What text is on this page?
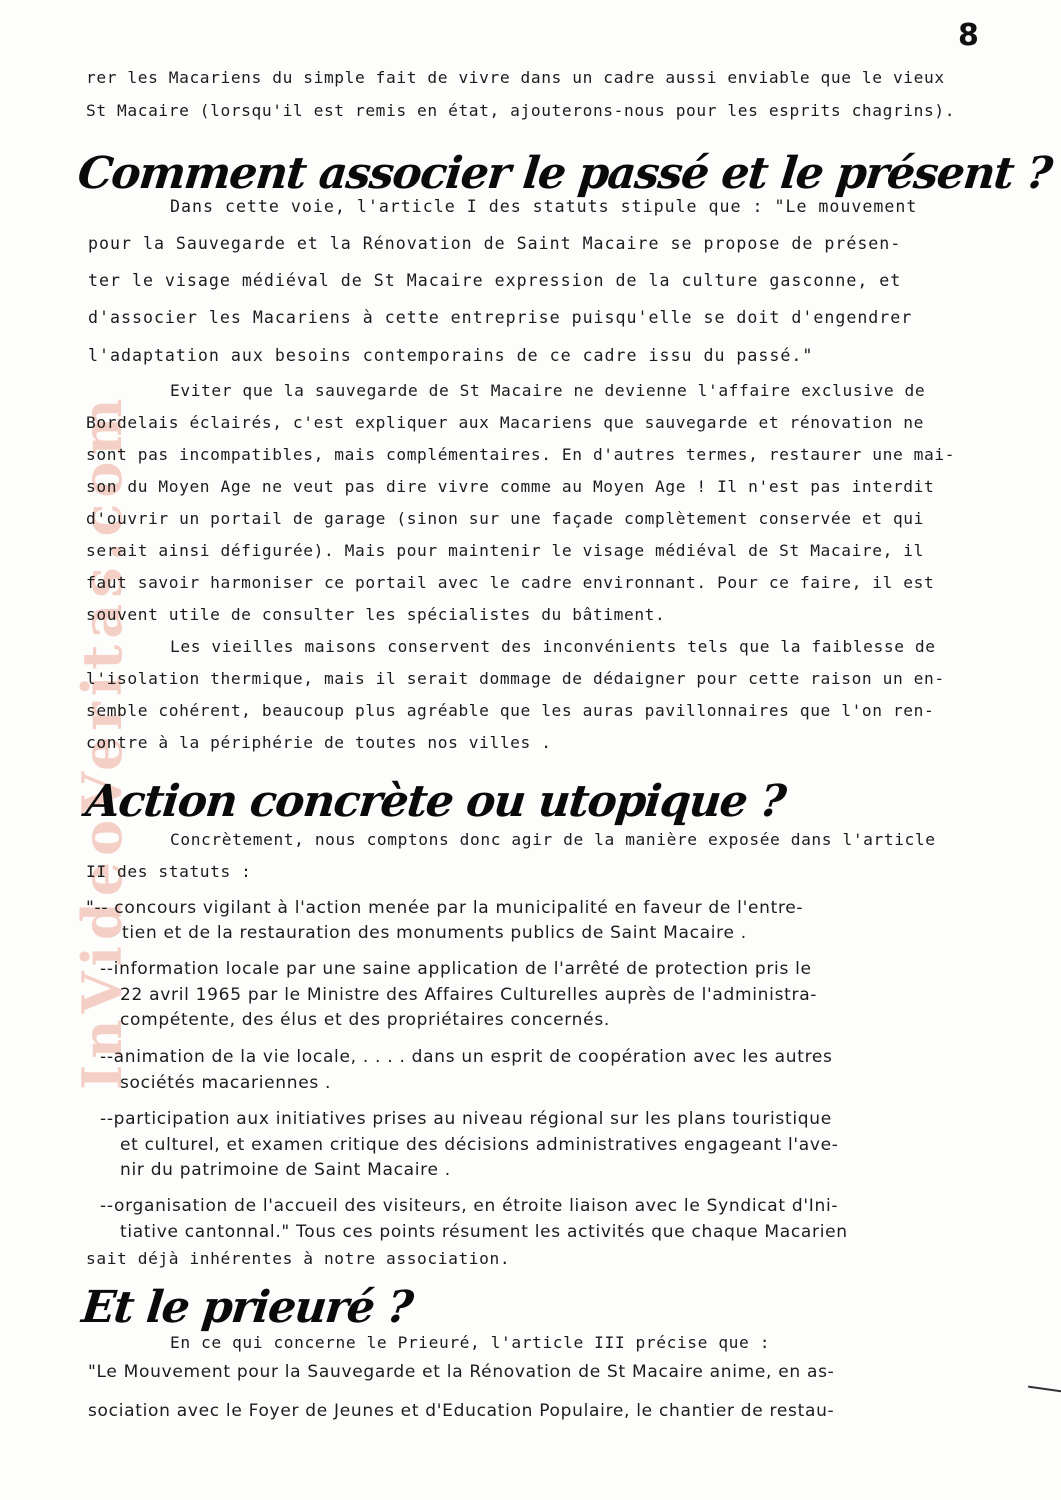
8
InVideoVeritas.com
rer les Macariens du simple fait de vivre dans un cadre aussi enviable que le vieux
St Macaire (lorsqu'il est remis en état, ajouterons-nous pour les esprits chagrins).
Comment associer le passé et le présent ?
Dans cette voie, l'article I des statuts stipule que : "Le mouvement
pour la Sauvegarde et la Rénovation de Saint Macaire se propose de présen-
ter le visage médiéval de St Macaire expression de la culture gasconne, et
d'associer les Macariens à cette entreprise puisqu'elle se doit d'engendrer
l'adaptation aux besoins contemporains de ce cadre issu du passé."
Eviter que la sauvegarde de St Macaire ne devienne l'affaire exclusive de
Bordelais éclairés, c'est expliquer aux Macariens que sauvegarde et rénovation ne
sont pas incompatibles, mais complémentaires. En d'autres termes, restaurer une mai-
son du Moyen Age ne veut pas dire vivre comme au Moyen Age ! Il n'est pas interdit
d'ouvrir un portail de garage (sinon sur une façade complètement conservée et qui
serait ainsi défigurée). Mais pour maintenir le visage médiéval de St Macaire, il
faut savoir harmoniser ce portail avec le cadre environnant. Pour ce faire, il est
souvent utile de consulter les spécialistes du bâtiment.
Les vieilles maisons conservent des inconvénients tels que la faiblesse de
l'isolation thermique, mais il serait dommage de dédaigner pour cette raison un en-
semble cohérent, beaucoup plus agréable que les auras pavillonnaires que l'on ren-
contre à la périphérie de toutes nos villes .
Action concrète ou utopique ?
Concrètement, nous comptons donc agir de la manière exposée dans l'article
II des statuts :
"-- concours vigilant à l'action menée par la municipalité en faveur de l'entre-
tien et de la restauration des monuments publics de Saint Macaire .
--information locale par une saine application de l'arrêté de protection pris le
22 avril 1965 par le Ministre des Affaires Culturelles auprès de l'administra-
compétente, des élus et des propriétaires concernés.
--animation de la vie locale, . . . . dans un esprit de coopération avec les autres
sociétés macariennes .
--participation aux initiatives prises au niveau régional sur les plans touristique
et culturel, et examen critique des décisions administratives engageant l'ave-
nir du patrimoine de Saint Macaire .
--organisation de l'accueil des visiteurs, en étroite liaison avec le Syndicat d'Ini-
tiative cantonnal." Tous ces points résument les activités que chaque Macarien
sait déjà inhérentes à notre association.
Et le prieuré ?
En ce qui concerne le Prieuré, l'article III précise que :
"Le Mouvement pour la Sauvegarde et la Rénovation de St Macaire anime, en as-
sociation avec le Foyer de Jeunes et d'Education Populaire, le chantier de restau-
